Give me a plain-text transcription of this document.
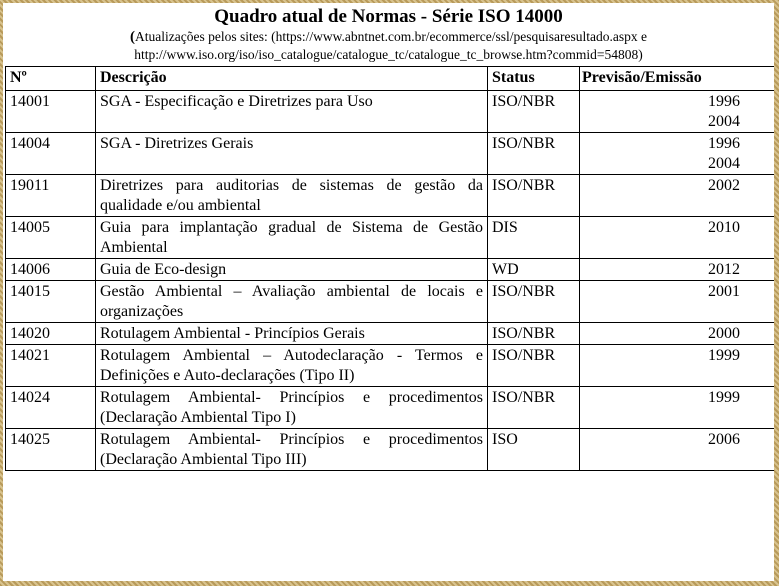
Quadro atual de Normas - Série ISO 14000
(Atualizações pelos sites: (https://www.abntnet.com.br/ecommerce/ssl/pesquisaresultado.aspx e
http://www.iso.org/iso/iso_catalogue/catalogue_tc/catalogue_tc_browse.htm?commid=54808)
Nº	Descrição	Status	Previsão/Emissão
14001	SGA - Especificação e Diretrizes para Uso	ISO/NBR	1996
2004

14004	SGA - Diretrizes Gerais	ISO/NBR	1996
2004

19011	Diretrizes para auditorias de sistemas de gestão da qualidade e/ou ambiental	ISO/NBR	2002

14005	Guia para implantação gradual de Sistema de Gestão Ambiental	DIS	2010

14006	Guia de Eco-design	WD	2012

14015	Gestão Ambiental – Avaliação ambiental de locais e organizações	ISO/NBR	2001

14020	Rotulagem Ambiental - Princípios Gerais	ISO/NBR	2000

14021	Rotulagem Ambiental – Autodeclaração - Termos e Definições e Auto-declarações (Tipo II)	ISO/NBR	1999

14024	Rotulagem Ambiental- Princípios e procedimentos (Declaração Ambiental Tipo I)	ISO/NBR	1999

14025	Rotulagem Ambiental- Princípios e procedimentos (Declaração Ambiental Tipo III)	ISO	2006
